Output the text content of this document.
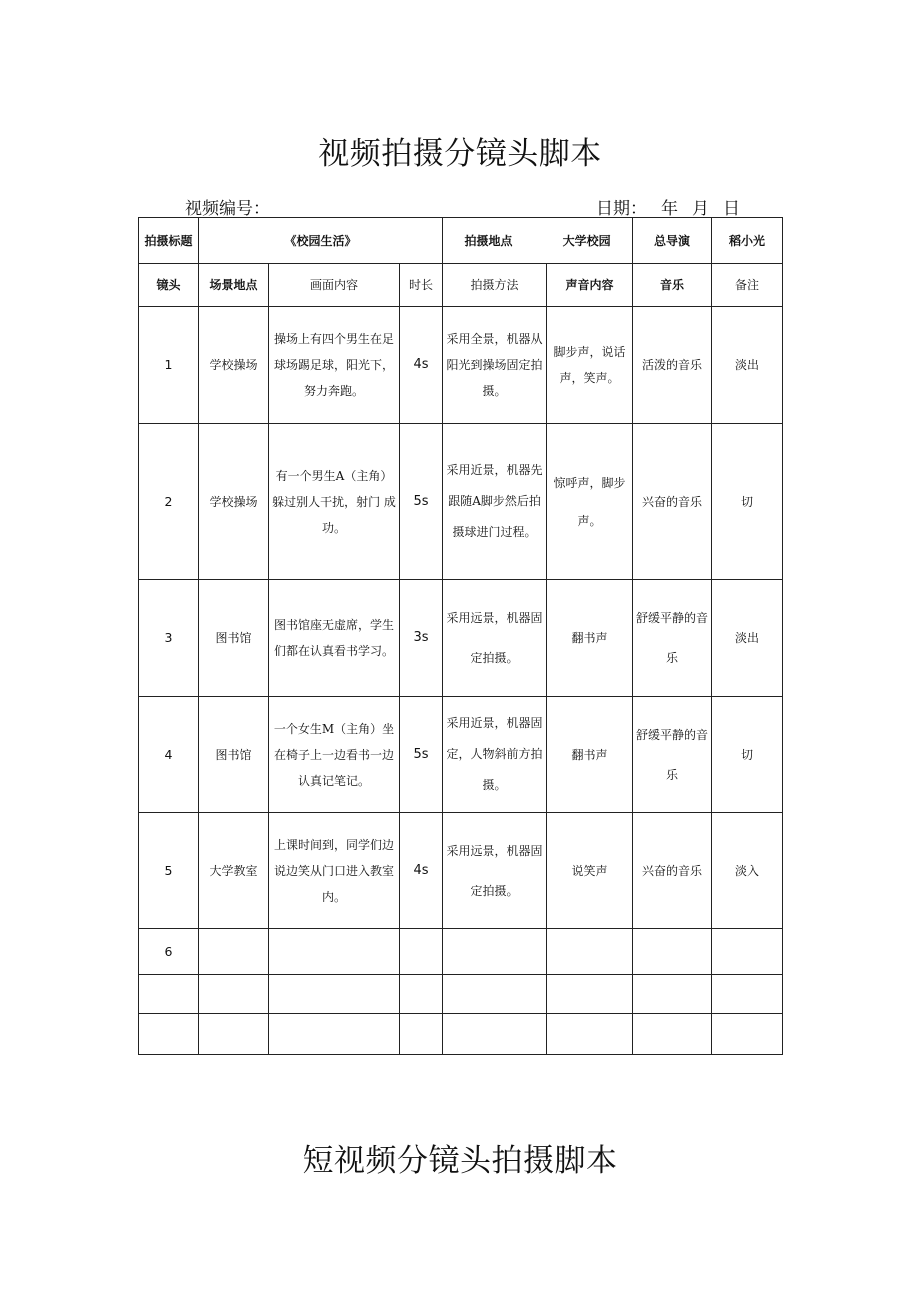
视频拍摄分镜头脚本
视频编号：	日期： 年 月 日
拍摄标题	《校园生活》			拍摄地点 大学校园		总导演	稻小光
镜头	场景地点	画面内容	时长	拍摄方法	声音内容	音乐	备注
1	学校操场	操场上有四个男生在足球场踢足球，阳光下，努力奔跑。	4s	采用全景，机器从阳光到操场固定拍摄。	脚步声，说话声，笑声。	活泼的音乐	淡出
2	学校操场	有一个男生A（主角）躲过别人干扰，射门 成功。	5s	采用近景，机器先跟随A脚步然后拍摄球进门过程。	惊呼声，脚步声。	兴奋的音乐	切
3	图书馆	图书馆座无虚席，学生们都在认真看书学习。	3s	采用远景，机器固定拍摄。	翻书声	舒缓平静的音乐	淡出
4	图书馆	一个女生M（主角）坐在椅子上一边看书一边认真记笔记。	5s	采用近景，机器固定，人物斜前方拍摄。	翻书声	舒缓平静的音乐	切
5	大学教室	上课时间到，同学们边说边笑从门口进入教室内。	4s	采用远景，机器固定拍摄。	说笑声	兴奋的音乐	淡入
6							

短视频分镜头拍摄脚本
